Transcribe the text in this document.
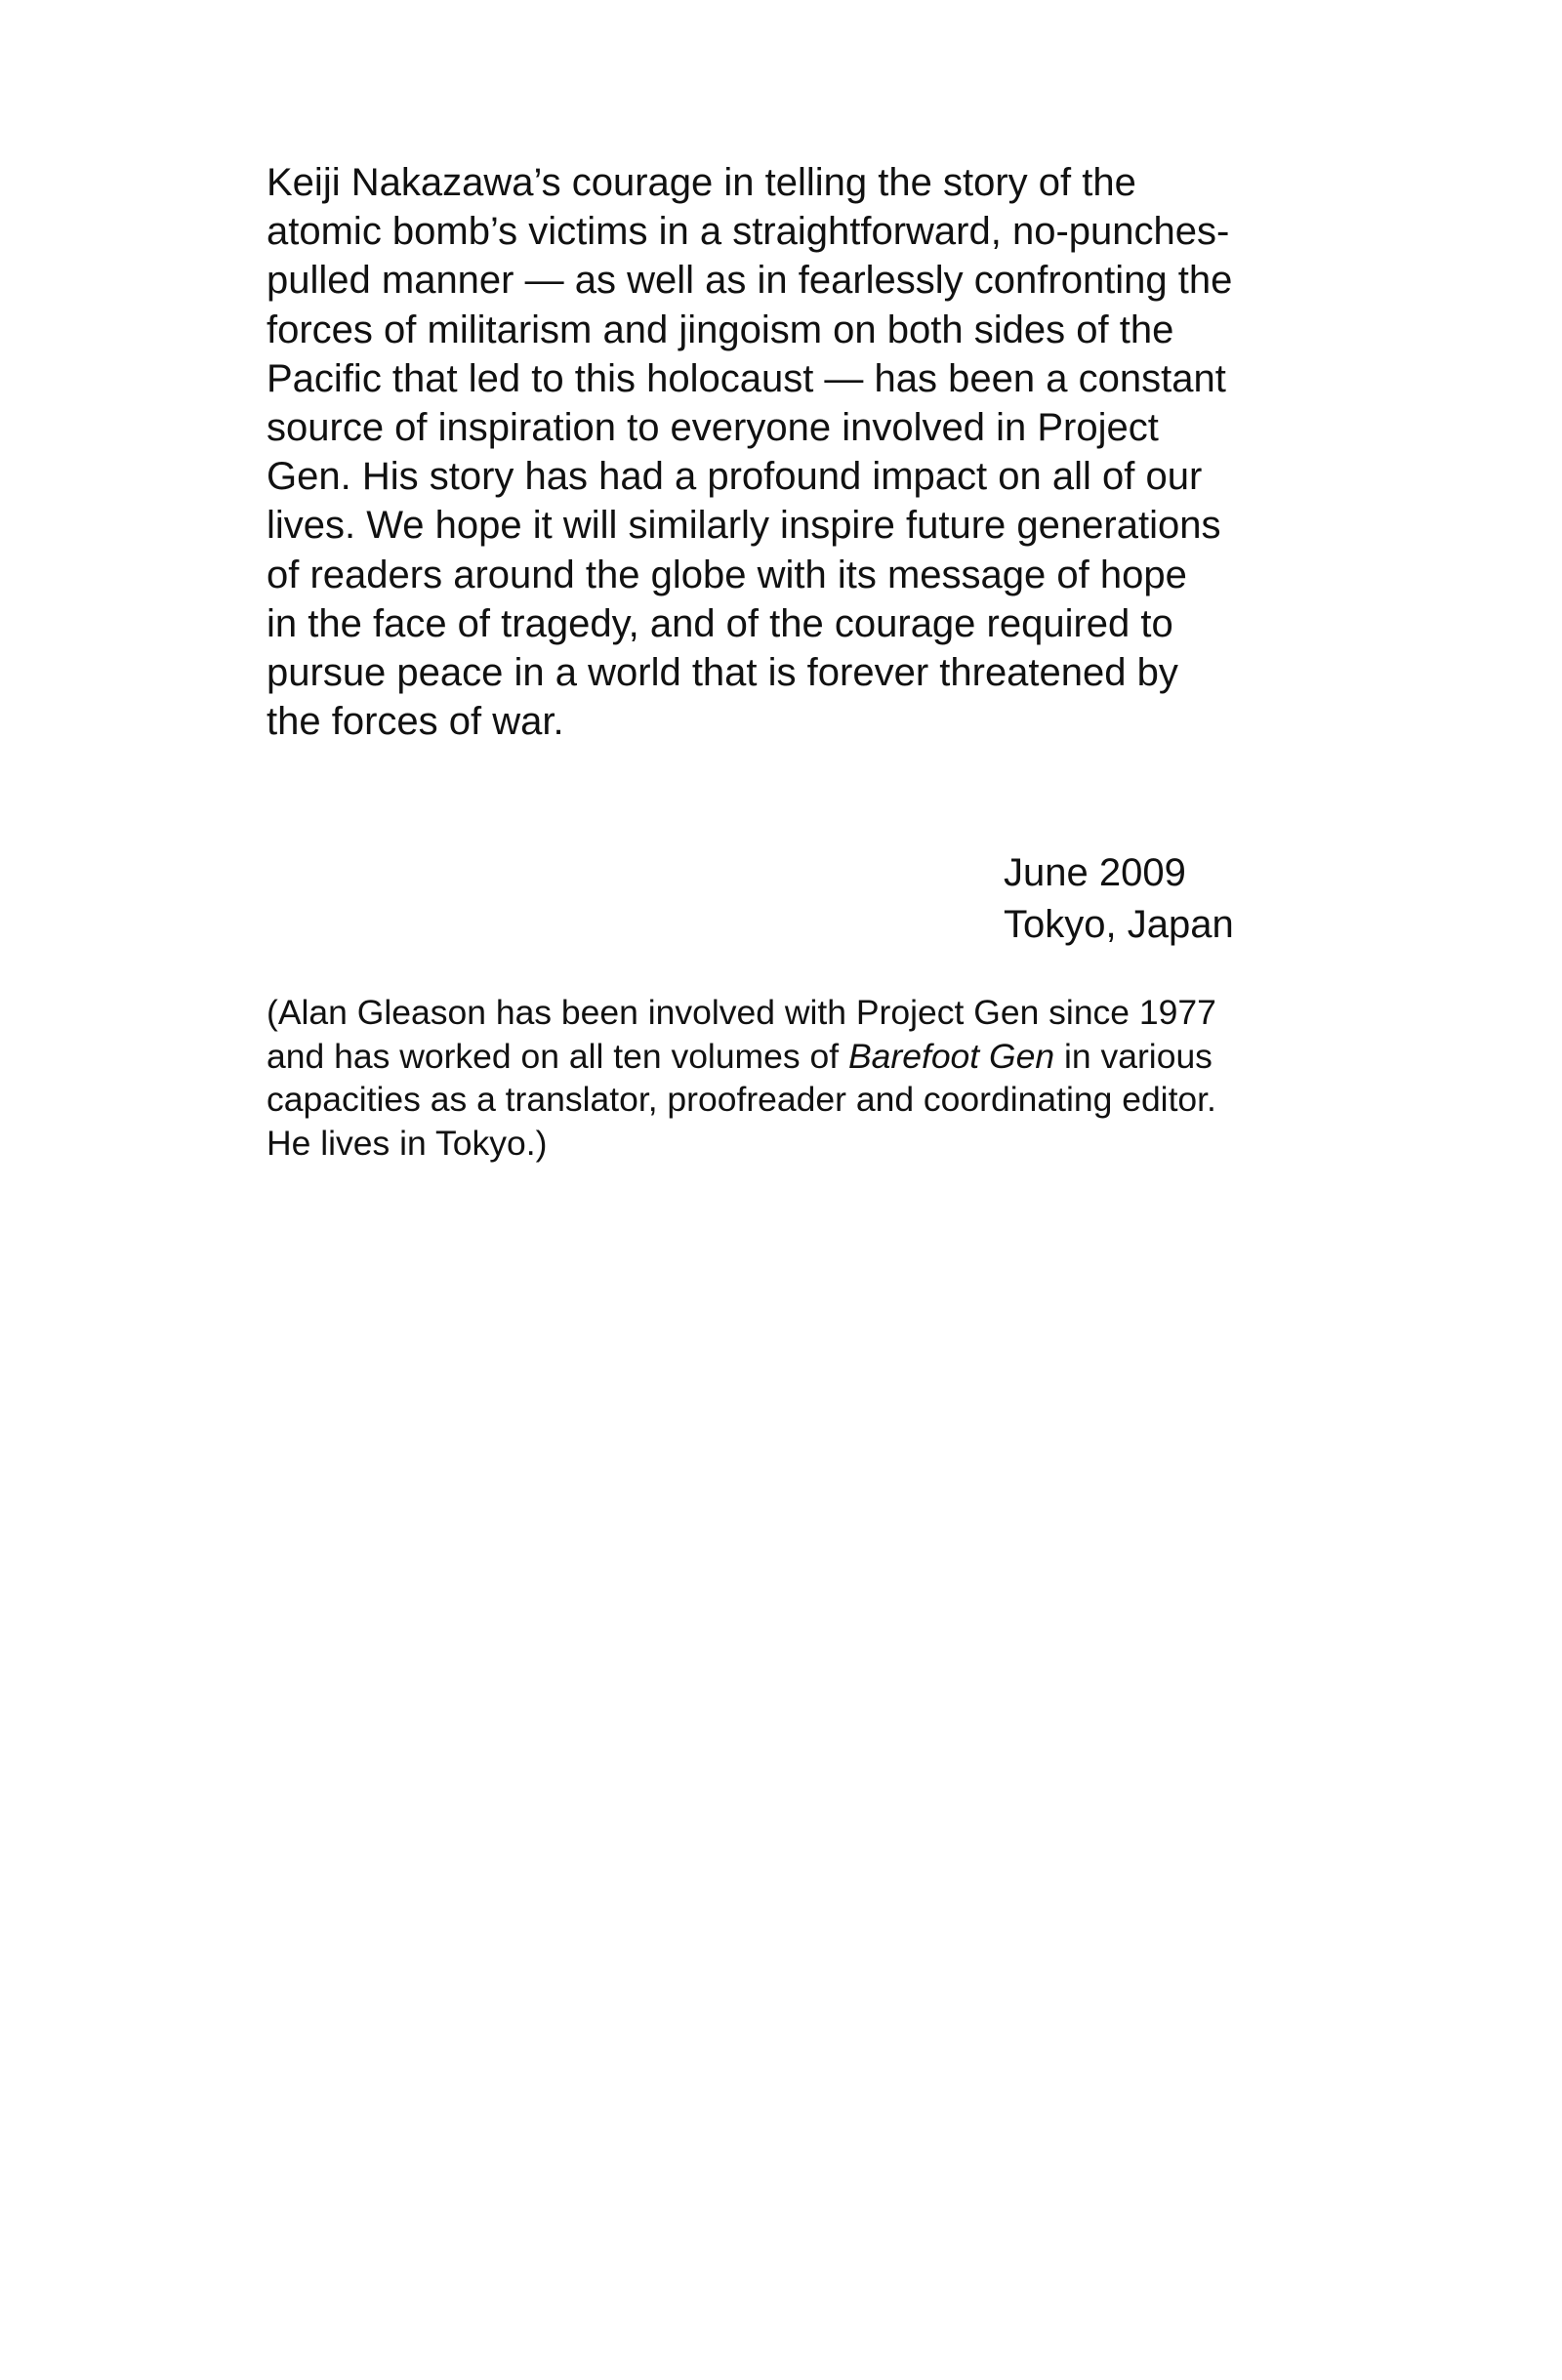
Keiji Nakazawa’s courage in telling the story of the
atomic bomb’s victims in a straightforward, no-punches-
pulled manner — as well as in fearlessly confronting the
forces of militarism and jingoism on both sides of the
Pacific that led to this holocaust — has been a constant
source of inspiration to everyone involved in Project
Gen. His story has had a profound impact on all of our
lives. We hope it will similarly inspire future generations
of readers around the globe with its message of hope
in the face of tragedy, and of the courage required to
pursue peace in a world that is forever threatened by
the forces of war.

June 2009
Tokyo, Japan

(Alan Gleason has been involved with Project Gen since 1977
and has worked on all ten volumes of Barefoot Gen in various
capacities as a translator, proofreader and coordinating editor.
He lives in Tokyo.)
